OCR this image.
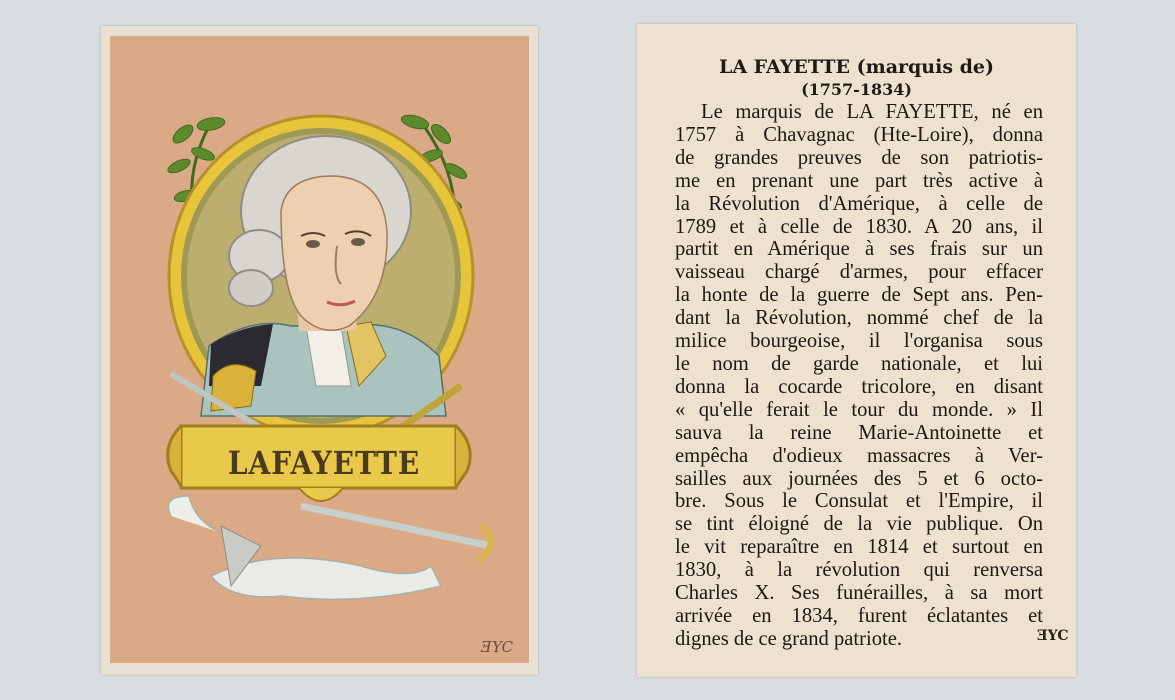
LAFAYETTE
ƎYC
LA FAYETTE (marquis de)
(1757-1834)
Le marquis de LA FAYETTE, né en
1757 à Chavagnac (Hte-Loire), donna
de grandes preuves de son patriotis-
me en prenant une part très active à
la Révolution d'Amérique, à celle de
1789 et à celle de 1830. A 20 ans, il
partit en Amérique à ses frais sur un
vaisseau chargé d'armes, pour effacer
la honte de la guerre de Sept ans. Pen-
dant la Révolution, nommé chef de la
milice bourgeoise, il l'organisa sous
le nom de garde nationale, et lui
donna la cocarde tricolore, en disant
« qu'elle ferait le tour du monde. » Il
sauva la reine Marie-Antoinette et
empêcha d'odieux massacres à Ver-
sailles aux journées des 5 et 6 octo-
bre. Sous le Consulat et l'Empire, il
se tint éloigné de la vie publique. On
le vit reparaître en 1814 et surtout en
1830, à la révolution qui renversa
Charles X. Ses funérailles, à sa mort
arrivée en 1834, furent éclatantes et
dignes de ce grand patriote.	ƎYC
